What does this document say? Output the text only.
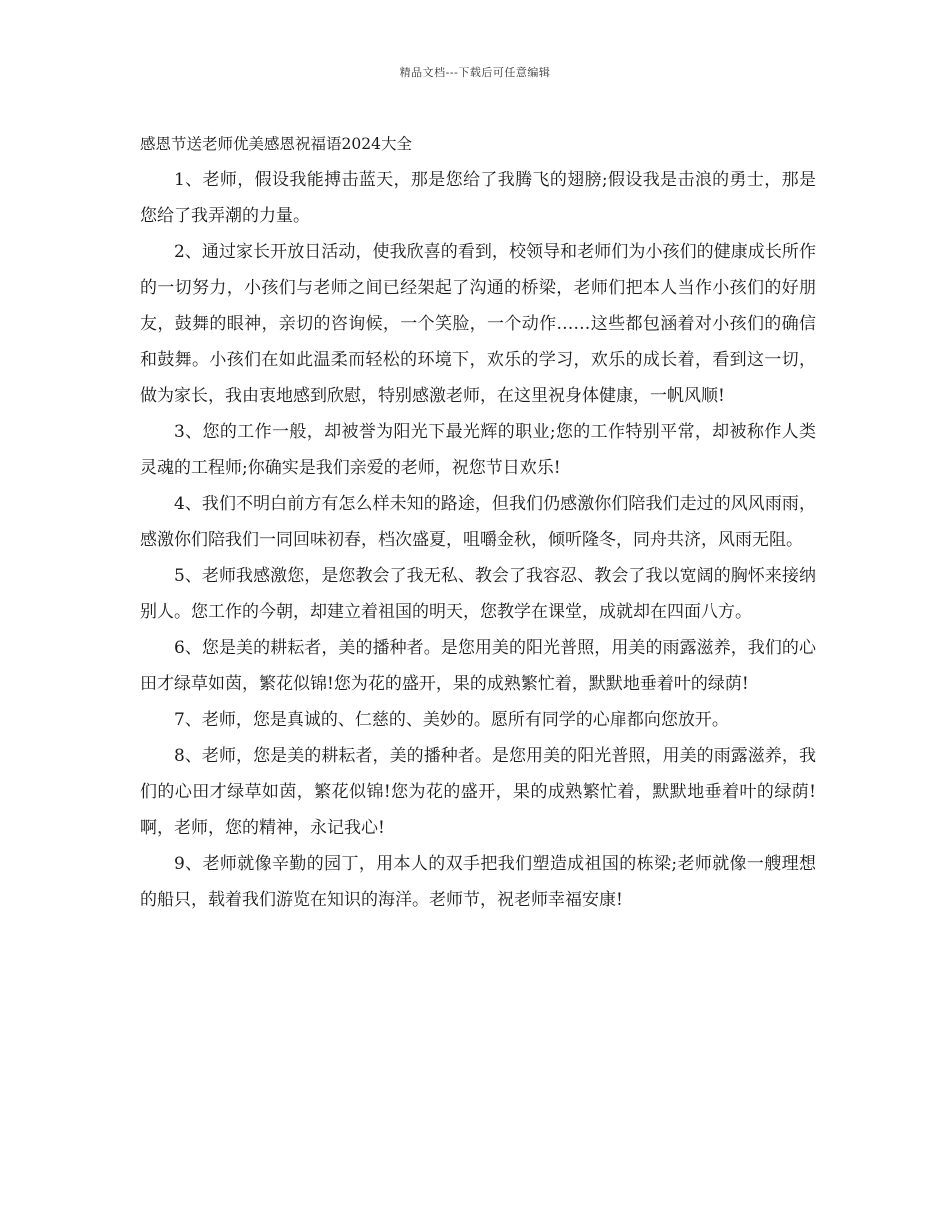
精品文档---下载后可任意编辑
感恩节送老师优美感恩祝福语2024大全

1、老师，假设我能搏击蓝天，那是您给了我腾飞的翅膀;假设我是击浪的勇士，那是您给了我弄潮的力量。

2、通过家长开放日活动，使我欣喜的看到，校领导和老师们为小孩们的健康成长所作的一切努力，小孩们与老师之间已经架起了沟通的桥梁，老师们把本人当作小孩们的好朋友，鼓舞的眼神，亲切的咨询候，一个笑脸，一个动作……这些都包涵着对小孩们的确信和鼓舞。小孩们在如此温柔而轻松的环境下，欢乐的学习，欢乐的成长着，看到这一切，做为家长，我由衷地感到欣慰，特别感激老师，在这里祝身体健康，一帆风顺!

3、您的工作一般，却被誉为阳光下最光辉的职业;您的工作特别平常，却被称作人类灵魂的工程师;你确实是我们亲爱的老师，祝您节日欢乐!

4、我们不明白前方有怎么样未知的路途，但我们仍感激你们陪我们走过的风风雨雨，感激你们陪我们一同回味初春，档次盛夏，咀嚼金秋，倾听隆冬，同舟共济，风雨无阻。

5、老师我感激您，是您教会了我无私、教会了我容忍、教会了我以宽阔的胸怀来接纳别人。您工作的今朝，却建立着祖国的明天，您教学在课堂，成就却在四面八方。

6、您是美的耕耘者，美的播种者。是您用美的阳光普照，用美的雨露滋养，我们的心田才绿草如茵，繁花似锦!您为花的盛开，果的成熟繁忙着，默默地垂着叶的绿荫!

7、老师，您是真诚的、仁慈的、美妙的。愿所有同学的心扉都向您放开。

8、老师，您是美的耕耘者，美的播种者。是您用美的阳光普照，用美的雨露滋养，我们的心田才绿草如茵，繁花似锦!您为花的盛开，果的成熟繁忙着，默默地垂着叶的绿荫!啊，老师，您的精神，永记我心!

9、老师就像辛勤的园丁，用本人的双手把我们塑造成祖国的栋梁;老师就像一艘理想的船只，载着我们游览在知识的海洋。老师节，祝老师幸福安康!
